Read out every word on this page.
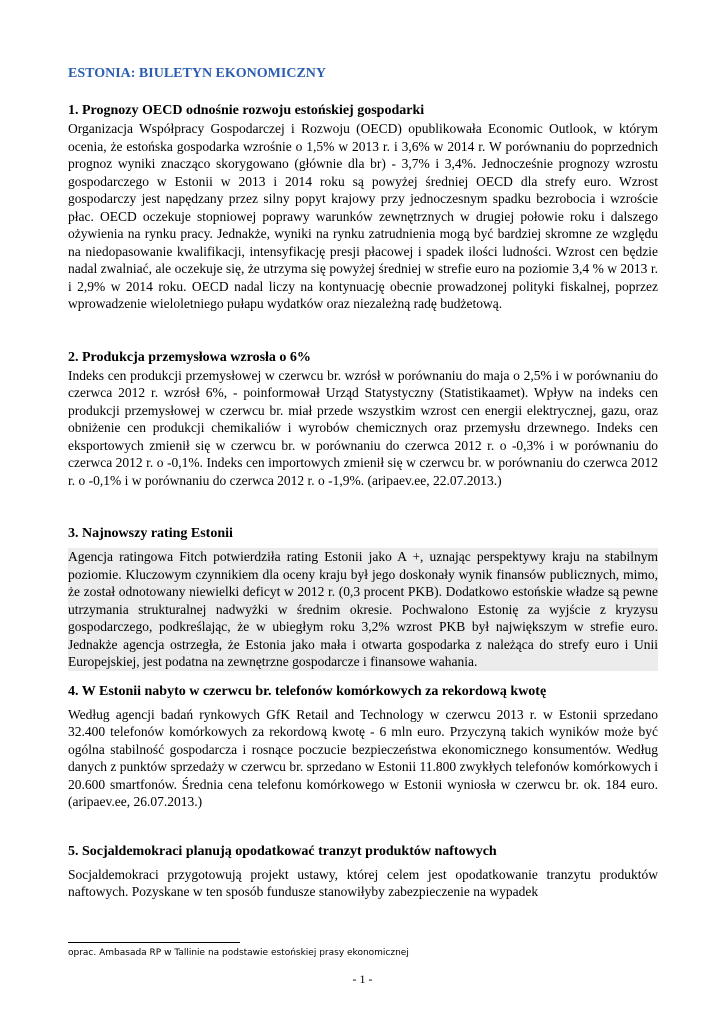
ESTONIA: BIULETYN EKONOMICZNY
1. Prognozy OECD odnośnie rozwoju estońskiej gospodarki

Organizacja Współpracy Gospodarczej i Rozwoju (OECD) opublikowała Economic Outlook, w którym ocenia, że estońska gospodarka wzrośnie o 1,5% w 2013 r. i 3,6% w 2014 r. W porównaniu do poprzednich prognoz wyniki znacząco skorygowano (głównie dla br) - 3,7% i 3,4%. Jednocześnie prognozy wzrostu gospodarczego w Estonii w 2013 i 2014 roku są powyżej średniej OECD dla strefy euro. Wzrost gospodarczy jest napędzany przez silny popyt krajowy przy jednoczesnym spadku bezrobocia i wzroście płac. OECD oczekuje stopniowej poprawy warunków zewnętrznych w drugiej połowie roku i dalszego ożywienia na rynku pracy. Jednakże, wyniki na rynku zatrudnienia mogą być bardziej skromne ze względu na niedopasowanie kwalifikacji, intensyfikację presji płacowej i spadek ilości ludności. Wzrost cen będzie nadal zwalniać, ale oczekuje się, że utrzyma się powyżej średniej w strefie euro na poziomie 3,4 % w 2013 r. i 2,9% w 2014 roku. OECD nadal liczy na kontynuację obecnie prowadzonej polityki fiskalnej, poprzez wprowadzenie wieloletniego pułapu wydatków oraz niezależną radę budżetową.

2. Produkcja przemysłowa wzrosła o 6%

Indeks cen produkcji przemysłowej w czerwcu br. wzrósł w porównaniu do maja o 2,5% i w porównaniu do czerwca 2012 r. wzrósł 6%, - poinformował Urząd Statystyczny (Statistikaamet). Wpływ na indeks cen produkcji przemysłowej w czerwcu br. miał przede wszystkim wzrost cen energii elektrycznej, gazu, oraz obniżenie cen produkcji chemikaliów i wyrobów chemicznych oraz przemysłu drzewnego. Indeks cen eksportowych zmienił się w czerwcu br. w porównaniu do czerwca 2012 r. o -0,3% i w porównaniu do czerwca 2012 r. o -0,1%. Indeks cen importowych zmienił się w czerwcu br. w porównaniu do czerwca 2012 r. o -0,1% i w porównaniu do czerwca 2012 r. o -1,9%. (aripaev.ee, 22.07.2013.)

3. Najnowszy rating Estonii

Agencja ratingowa Fitch potwierdziła rating Estonii jako A +, uznając perspektywy kraju na stabilnym poziomie. Kluczowym czynnikiem dla oceny kraju był jego doskonały wynik finansów publicznych, mimo, że został odnotowany niewielki deficyt w 2012 r. (0,3 procent PKB). Dodatkowo estońskie władze są pewne utrzymania strukturalnej nadwyżki w średnim okresie. Pochwalono Estonię za wyjście z kryzysu gospodarczego, podkreślając, że w ubiegłym roku 3,2% wzrost PKB był największym w strefie euro. Jednakże agencja ostrzegła, że Estonia jako mała i otwarta gospodarka z należąca do strefy euro i Unii Europejskiej, jest podatna na zewnętrzne gospodarcze i finansowe wahania.

4. W Estonii nabyto w czerwcu br. telefonów komórkowych za rekordową kwotę

Według agencji badań rynkowych GfK Retail and Technology w czerwcu 2013 r. w Estonii sprzedano 32.400 telefonów komórkowych za rekordową kwotę - 6 mln euro. Przyczyną takich wyników może być ogólna stabilność gospodarcza i rosnące poczucie bezpieczeństwa ekonomicznego konsumentów. Według danych z punktów sprzedaży w czerwcu br. sprzedano w Estonii 11.800 zwykłych telefonów komórkowych i 20.600 smartfonów. Średnia cena telefonu komórkowego w Estonii wyniosła w czerwcu br. ok. 184 euro. (aripaev.ee, 26.07.2013.)

5. Socjaldemokraci planują opodatkować tranzyt produktów naftowych

Socjaldemokraci przygotowują projekt ustawy, której celem jest opodatkowanie tranzytu produktów naftowych. Pozyskane w ten sposób fundusze stanowiłyby zabezpieczenie na wypadek

oprac. Ambasada RP w Tallinie na podstawie estońskiej prasy ekonomicznej
- 1 -
